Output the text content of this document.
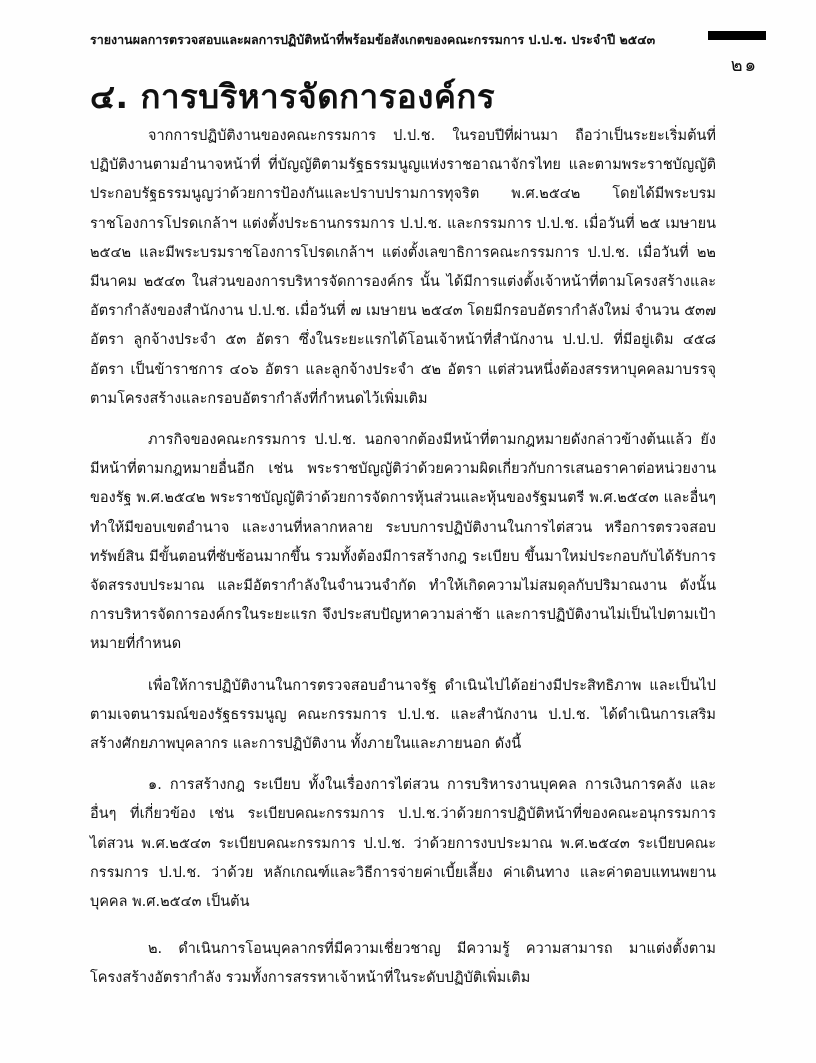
รายงานผลการตรวจสอบและผลการปฏิบัติหน้าที่พร้อมข้อสังเกตของคณะกรรมการ ป.ป.ช. ประจำปี ๒๕๔๓
๒๑
๔. การบริหารจัดการองค์กร

จากการปฏิบัติงานของคณะกรรมการ ป.ป.ช. ในรอบปีที่ผ่านมา ถือว่าเป็นระยะเริ่มต้นที่ปฏิบัติงานตามอำนาจหน้าที่ ที่บัญญัติตามรัฐธรรมนูญแห่งราชอาณาจักรไทย และตามพระราชบัญญัติประกอบรัฐธรรมนูญว่าด้วยการป้องกันและปราบปรามการทุจริต พ.ศ.๒๕๔๒ โดยได้มีพระบรมราชโองการโปรดเกล้าฯ แต่งตั้งประธานกรรมการ ป.ป.ช. และกรรมการ ป.ป.ช. เมื่อวันที่ ๒๕ เมษายน ๒๕๔๒ และมีพระบรมราชโองการโปรดเกล้าฯ แต่งตั้งเลขาธิการคณะกรรมการ ป.ป.ช. เมื่อวันที่ ๒๒ มีนาคม ๒๕๔๓ ในส่วนของการบริหารจัดการองค์กร นั้น ได้มีการแต่งตั้งเจ้าหน้าที่ตามโครงสร้างและอัตรากำลังของสำนักงาน ป.ป.ช. เมื่อวันที่ ๗ เมษายน ๒๕๔๓ โดยมีกรอบอัตรากำลังใหม่ จำนวน ๕๓๗ อัตรา ลูกจ้างประจำ ๕๓ อัตรา ซึ่งในระยะแรกได้โอนเจ้าหน้าที่สำนักงาน ป.ป.ป. ที่มีอยู่เดิม ๔๕๘ อัตรา เป็นข้าราชการ ๔๐๖ อัตรา และลูกจ้างประจำ ๕๒ อัตรา แต่ส่วนหนึ่งต้องสรรหาบุคคลมาบรรจุตามโครงสร้างและกรอบอัตรากำลังที่กำหนดไว้เพิ่มเติม

ภารกิจของคณะกรรมการ ป.ป.ช. นอกจากต้องมีหน้าที่ตามกฎหมายดังกล่าวข้างต้นแล้ว ยังมีหน้าที่ตามกฎหมายอื่นอีก เช่น พระราชบัญญัติว่าด้วยความผิดเกี่ยวกับการเสนอราคาต่อหน่วยงานของรัฐ พ.ศ.๒๕๔๒ พระราชบัญญัติว่าด้วยการจัดการหุ้นส่วนและหุ้นของรัฐมนตรี พ.ศ.๒๕๔๓ และอื่นๆ ทำให้มีขอบเขตอำนาจ และงานที่หลากหลาย ระบบการปฏิบัติงานในการไต่สวน หรือการตรวจสอบทรัพย์สิน มีขั้นตอนที่ซับซ้อนมากขึ้น รวมทั้งต้องมีการสร้างกฎ ระเบียบ ขึ้นมาใหม่ประกอบกับได้รับการจัดสรรงบประมาณ และมีอัตรากำลังในจำนวนจำกัด ทำให้เกิดความไม่สมดุลกับปริมาณงาน ดังนั้นการบริหารจัดการองค์กรในระยะแรก จึงประสบปัญหาความล่าช้า และการปฏิบัติงานไม่เป็นไปตามเป้าหมายที่กำหนด

เพื่อให้การปฏิบัติงานในการตรวจสอบอำนาจรัฐ ดำเนินไปได้อย่างมีประสิทธิภาพ และเป็นไปตามเจตนารมณ์ของรัฐธรรมนูญ คณะกรรมการ ป.ป.ช. และสำนักงาน ป.ป.ช. ได้ดำเนินการเสริมสร้างศักยภาพบุคลากร และการปฏิบัติงาน ทั้งภายในและภายนอก ดังนี้

๑. การสร้างกฎ ระเบียบ ทั้งในเรื่องการไต่สวน การบริหารงานบุคคล การเงินการคลัง และอื่นๆ ที่เกี่ยวข้อง เช่น ระเบียบคณะกรรมการ ป.ป.ช.ว่าด้วยการปฏิบัติหน้าที่ของคณะอนุกรรมการไต่สวน พ.ศ.๒๕๔๓ ระเบียบคณะกรรมการ ป.ป.ช. ว่าด้วยการงบประมาณ พ.ศ.๒๕๔๓ ระเบียบคณะกรรมการ ป.ป.ช. ว่าด้วย หลักเกณฑ์และวิธีการจ่ายค่าเบี้ยเลี้ยง ค่าเดินทาง และค่าตอบแทนพยานบุคคล พ.ศ.๒๕๔๓ เป็นต้น

๒. ดำเนินการโอนบุคลากรที่มีความเชี่ยวชาญ มีความรู้ ความสามารถ มาแต่งตั้งตามโครงสร้างอัตรากำลัง รวมทั้งการสรรหาเจ้าหน้าที่ในระดับปฏิบัติเพิ่มเติม
